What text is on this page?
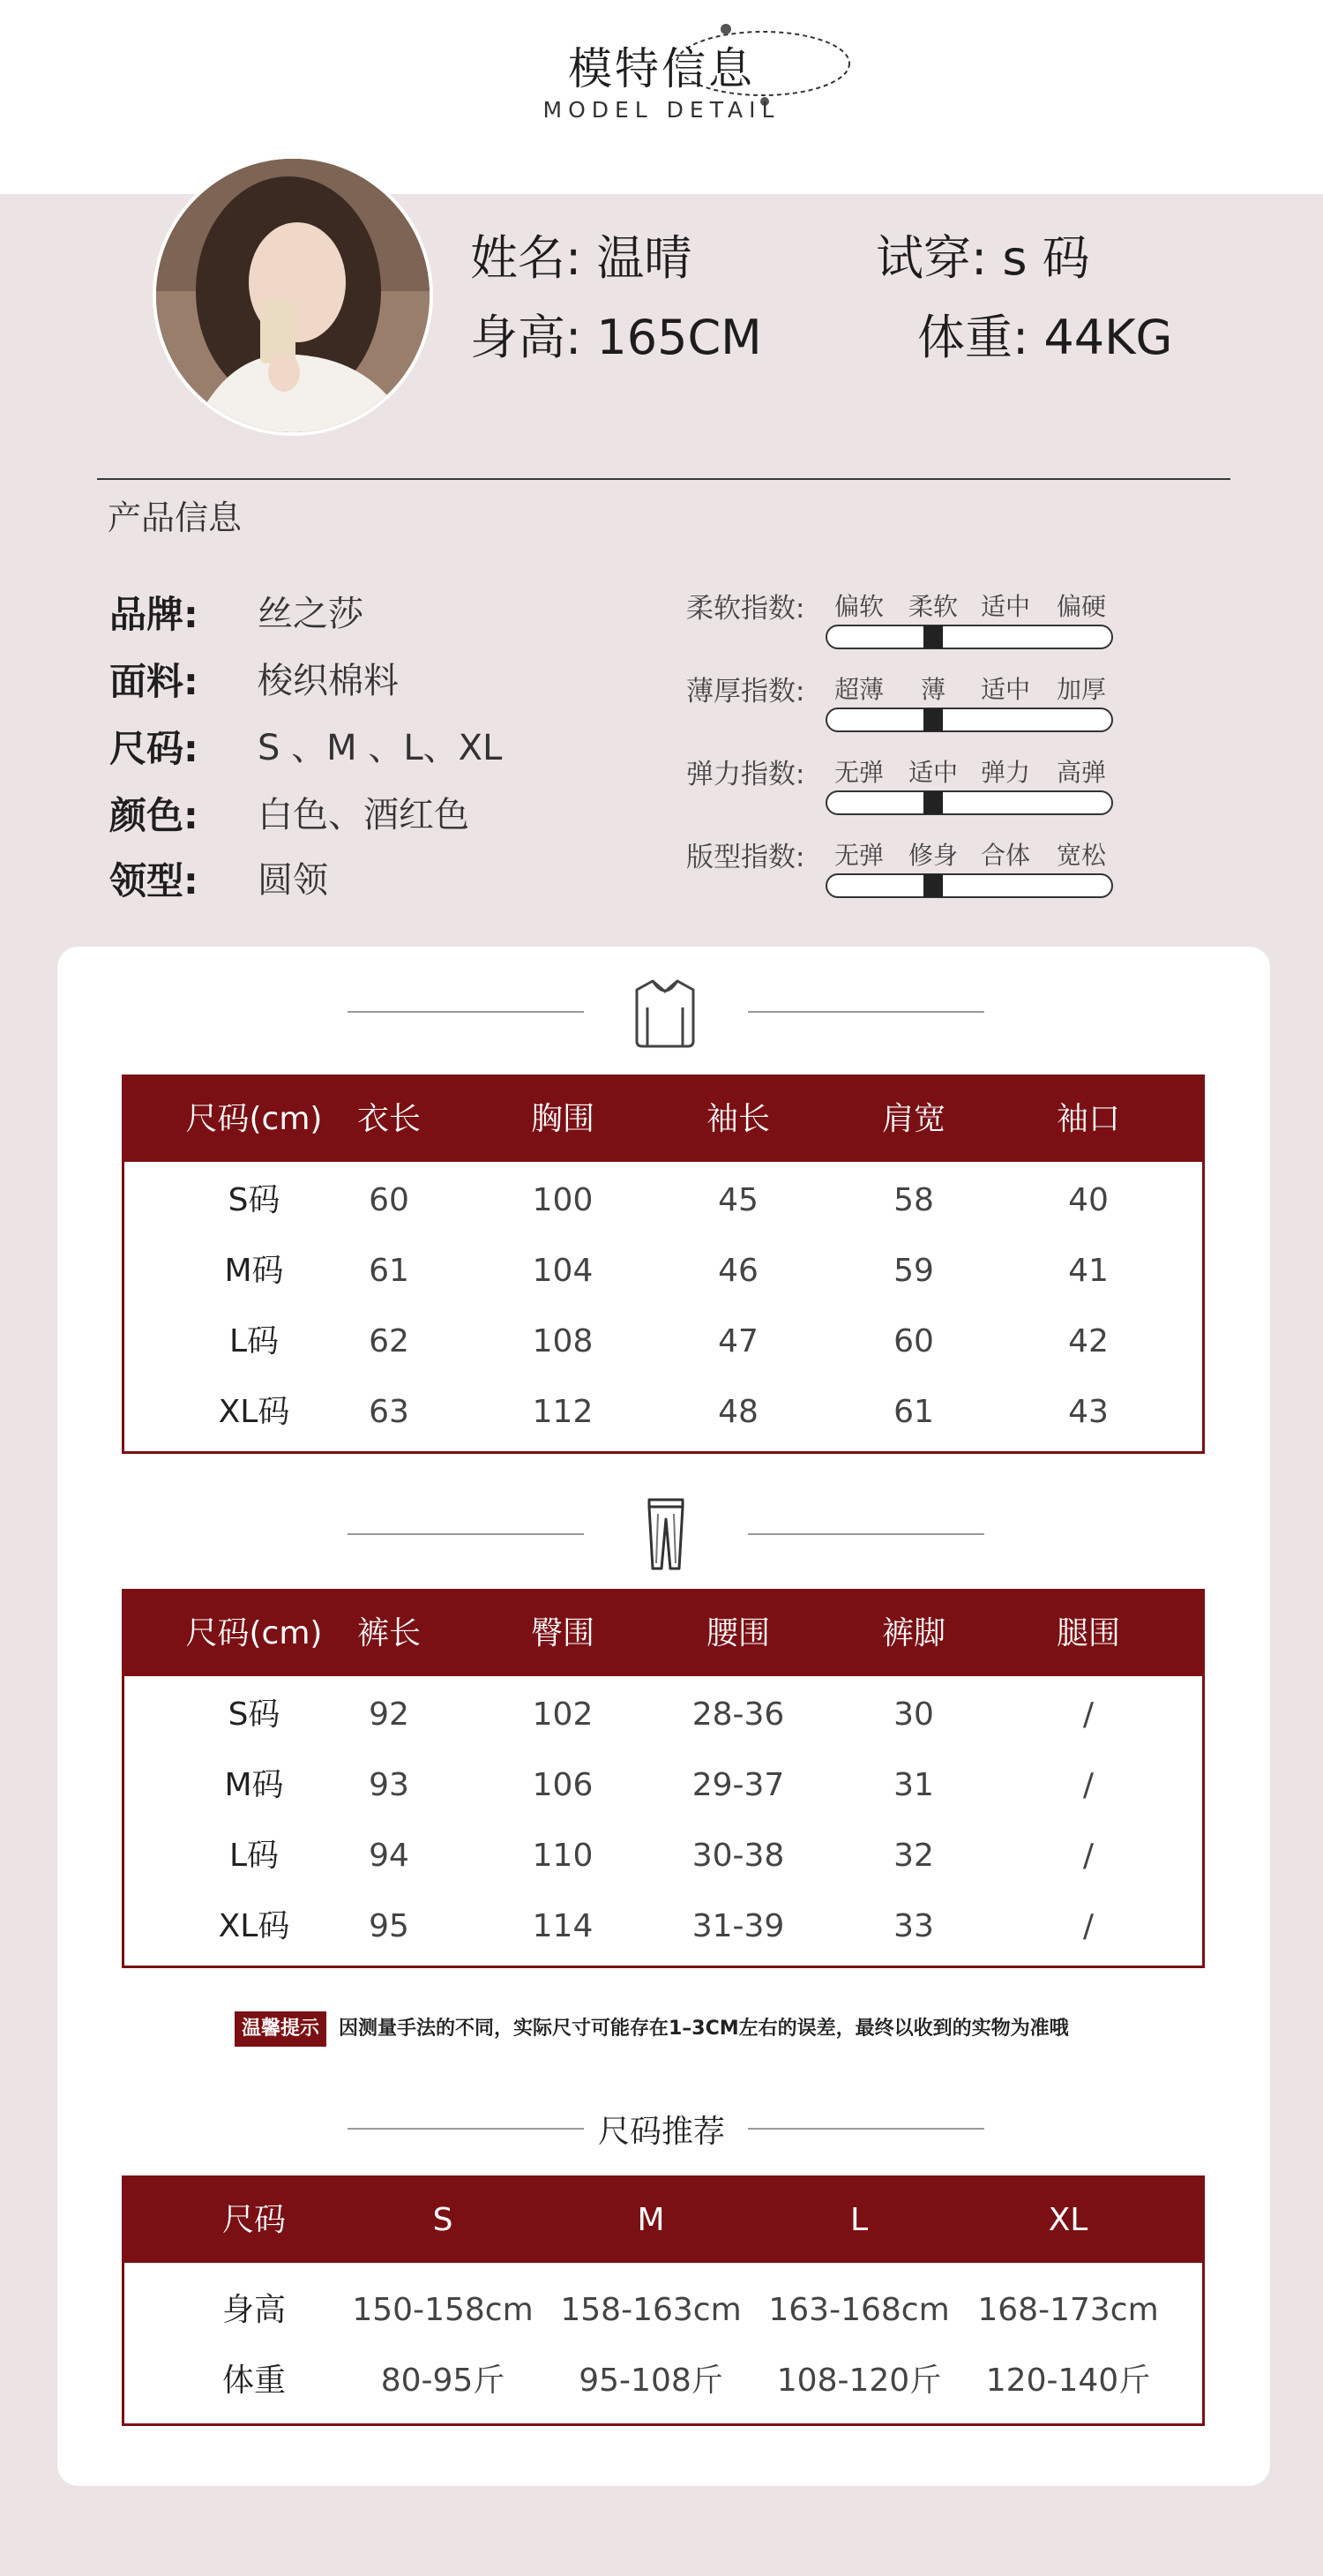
模特信息
MODEL DETAIL
姓名: 温晴	试穿: s 码
身高: 165CM	体重: 44KG
产品信息
品牌: 丝之莎
面料: 梭织棉料
尺码: S 、M 、L、XL
颜色: 白色、酒红色
领型: 圆领
柔软指数:	偏软 柔软 适中	偏硬
薄厚指数:	超薄	薄	适中	加厚
弹力指数:	无弹 适中 弹力	高弹
版型指数:	无弹 修身 合体	宽松
尺码(cm)	衣长	胸围	袖长	肩宽	袖口
S码	60	100	45	58	40
M码	61	104	46	59	41
L码	62	108	47	60	42
XL码	63	112	48	61	43
尺码(cm)	裤长	臀围	腰围	裤脚	腿围
S码	92	102	28-36	30	/
M码	93	106	29-37	31	/
L码	94	110	30-38	32	/
XL码	95	114	31-39	33	/
温馨提示	因测量手法的不同，实际尺寸可能存在1–3CM左右的误差，最终以收到的实物为准哦
尺码推荐
尺码	S	M	L	XL
身高	150-158cm 158-163cm 163-168cm 168-173cm
体重	80-95斤	95-108斤	108-120斤	120-140斤
